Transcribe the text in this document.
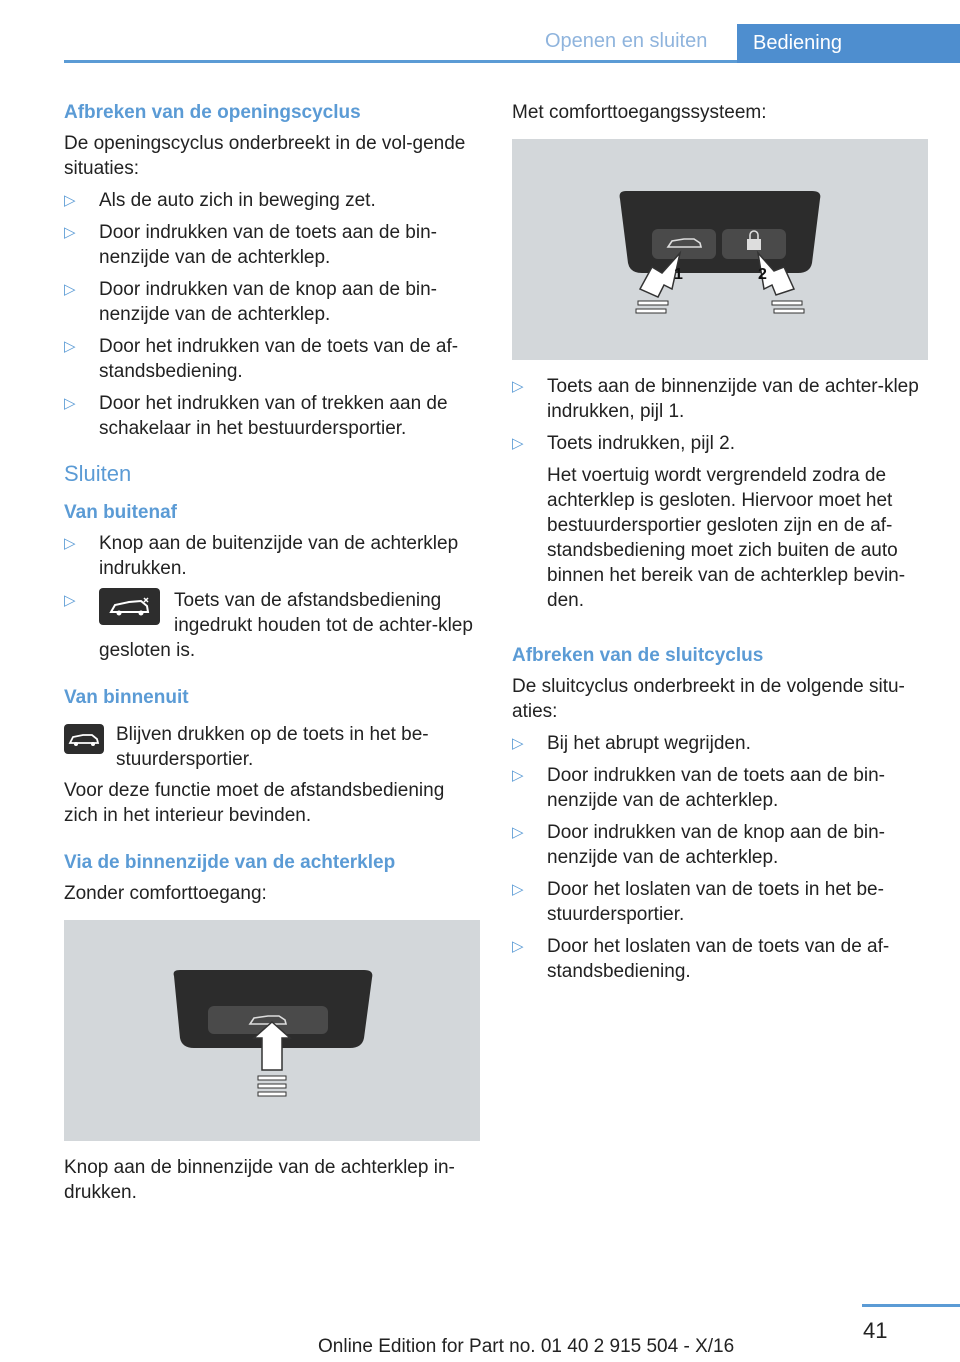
Openen en sluiten	Bediening
Afbreken van de openingscyclus

De openingscyclus onderbreekt in de vol-gende situaties:

▷ Als de auto zich in beweging zet.
▷ Door indrukken van de toets aan de bin-nenzijde van de achterklep.
▷ Door indrukken van de knop aan de bin-nenzijde van de achterklep.
▷ Door het indrukken van de toets van de af-standsbediening.
▷ Door het indrukken van of trekken aan de schakelaar in het bestuurdersportier.
Sluiten
Van buitenaf
▷ Knop aan de buitenzijde van de achterklep indrukken.
▷	Toets van de afstandsbediening ingedrukt houden tot de achter-klep gesloten is.
Van binnenuit
Blijven drukken op de toets in het be-stuurdersportier.

Voor deze functie moet de afstandsbediening zich in het interieur bevinden.

Via de binnenzijde van de achterklep

Zonder comforttoegang:

Knop aan de binnenzijde van de achterklep in-drukken.

Met comforttoegangssysteem:

1	2
▷ Toets aan de binnenzijde van de achter-klep indrukken, pijl 1.
▷ Toets indrukken, pijl 2.
Het voertuig wordt vergrendeld zodra de achterklep is gesloten. Hiervoor moet het bestuurdersportier gesloten zijn en de af-standsbediening moet zich buiten de auto binnen het bereik van de achterklep bevin-den.
Afbreken van de sluitcyclus

De sluitcyclus onderbreekt in de volgende situ-aties:

▷ Bij het abrupt wegrijden.
▷ Door indrukken van de toets aan de bin-nenzijde van de achterklep.
▷ Door indrukken van de knop aan de bin-nenzijde van de achterklep.
▷ Door het loslaten van de toets in het be-stuurdersportier.
▷ Door het loslaten van de toets van de af-standsbediening.
41
Online Edition for Part no. 01 40 2 915 504 - X/16
